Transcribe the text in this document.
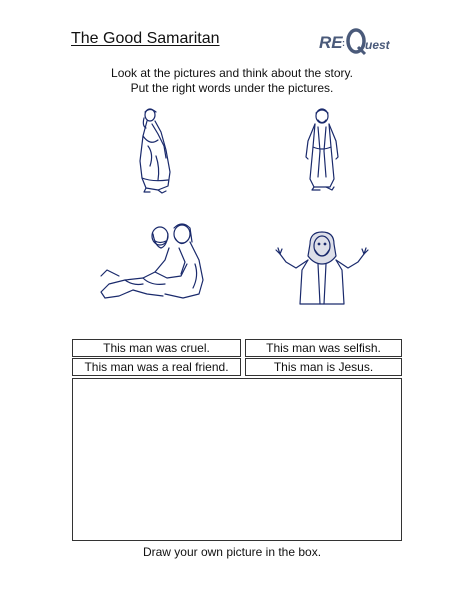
The Good Samaritan	RE : uest
Look at the pictures and think about the story.
Put the right words under the pictures.
This man was cruel.	This man was selfish.
This man was a real friend.	This man is Jesus.
Draw your own picture in the box.
